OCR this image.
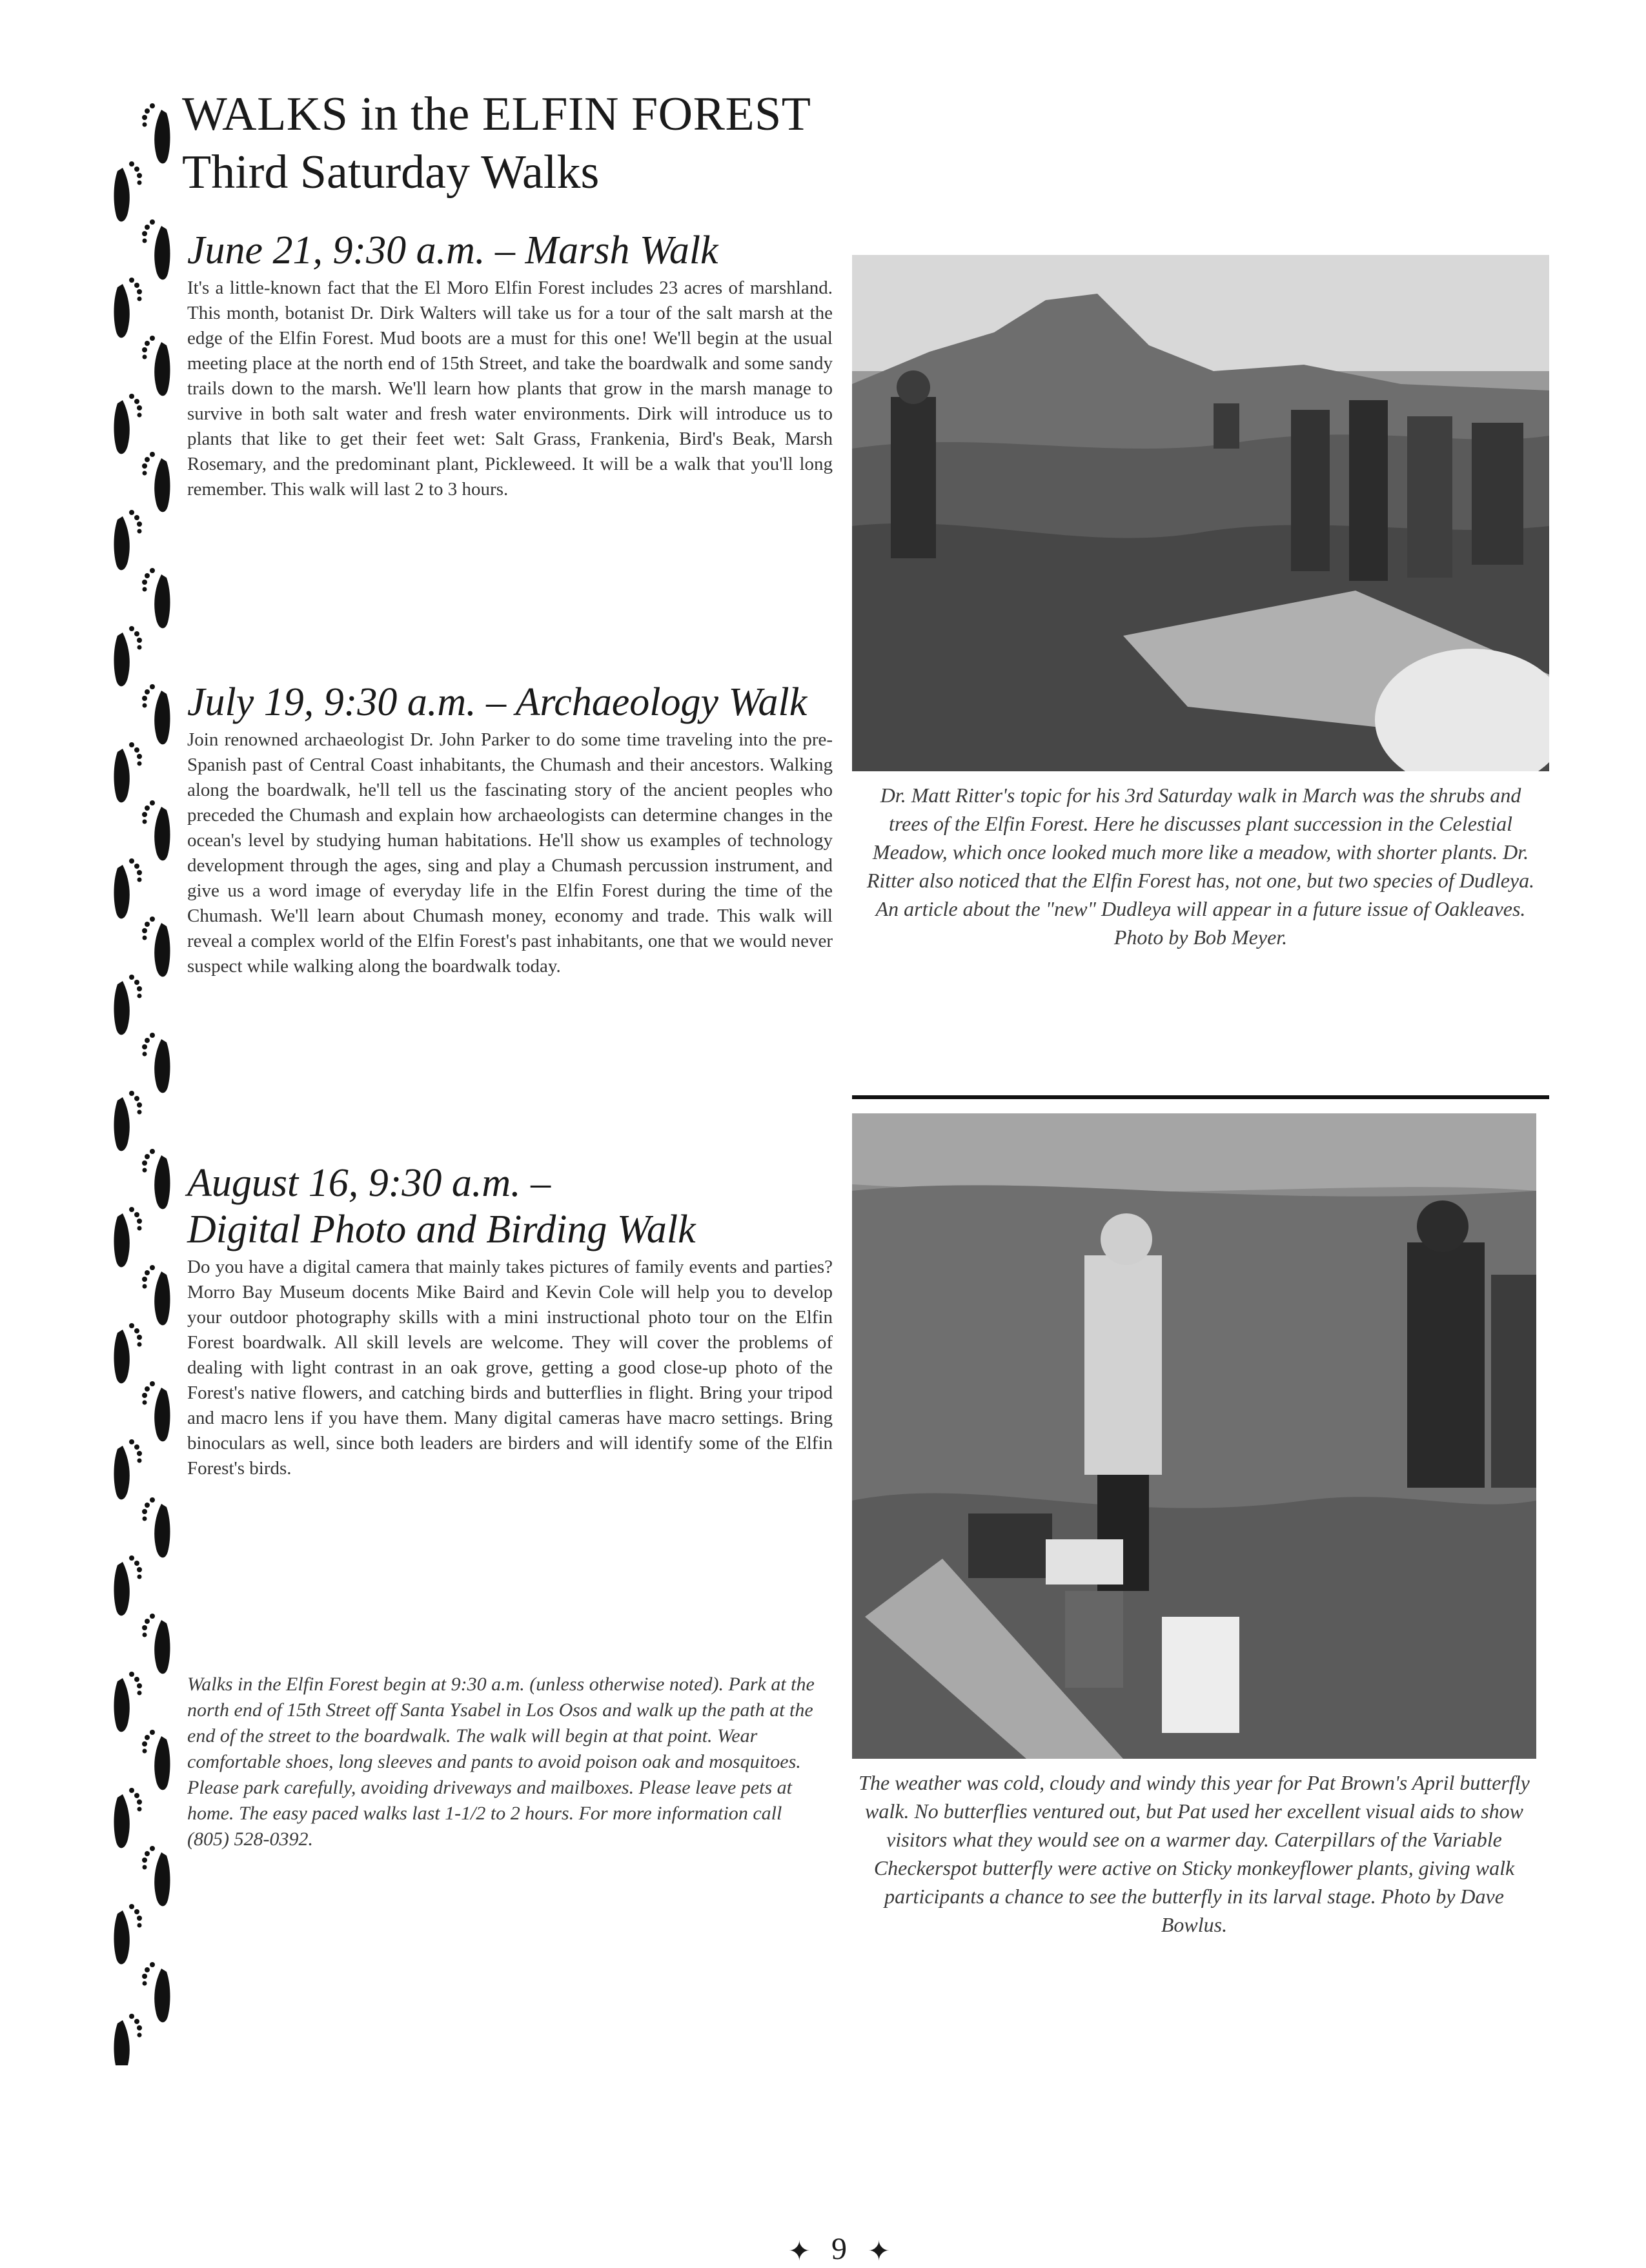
WALKS in the ELFIN FOREST
Third Saturday Walks
June 21, 9:30 a.m. – Marsh Walk

It's a little-known fact that the El Moro Elfin Forest includes 23 acres of marshland. This month, botanist Dr. Dirk Walters will take us for a tour of the salt marsh at the edge of the Elfin Forest. Mud boots are a must for this one! We'll begin at the usual meeting place at the north end of 15th Street, and take the boardwalk and some sandy trails down to the marsh. We'll learn how plants that grow in the marsh manage to survive in both salt water and fresh water environments. Dirk will introduce us to plants that like to get their feet wet: Salt Grass, Frankenia, Bird's Beak, Marsh Rosemary, and the predominant plant, Pickleweed. It will be a walk that you'll long remember. This walk will last 2 to 3 hours.

July 19, 9:30 a.m. – Archaeology Walk

Join renowned archaeologist Dr. John Parker to do some time traveling into the pre-Spanish past of Central Coast inhabitants, the Chumash and their ancestors. Walking along the boardwalk, he'll tell us the fascinating story of the ancient peoples who preceded the Chumash and explain how archaeologists can determine changes in the ocean's level by studying human habitations. He'll show us examples of technology development through the ages, sing and play a Chumash percussion instrument, and give us a word image of everyday life in the Elfin Forest during the time of the Chumash. We'll learn about Chumash money, economy and trade. This walk will reveal a complex world of the Elfin Forest's past inhabitants, one that we would never suspect while walking along the boardwalk today.

August 16, 9:30 a.m. –
Digital Photo and Birding Walk

Do you have a digital camera that mainly takes pictures of family events and parties? Morro Bay Museum docents Mike Baird and Kevin Cole will help you to develop your outdoor photography skills with a mini instructional photo tour on the Elfin Forest boardwalk. All skill levels are welcome. They will cover the problems of dealing with light contrast in an oak grove, getting a good close-up photo of the Forest's native flowers, and catching birds and butterflies in flight. Bring your tripod and macro lens if you have them. Many digital cameras have macro settings. Bring binoculars as well, since both leaders are birders and will identify some of the Elfin Forest's birds.

Walks in the Elfin Forest begin at 9:30 a.m. (unless otherwise noted). Park at the north end of 15th Street off Santa Ysabel in Los Osos and walk up the path at the end of the street to the boardwalk. The walk will begin at that point. Wear comfortable shoes, long sleeves and pants to avoid poison oak and mosquitoes. Please park carefully, avoiding driveways and mailboxes. Please leave pets at home. The easy paced walks last 1-1/2 to 2 hours. For more information call (805) 528-0392.
Dr. Matt Ritter's topic for his 3rd Saturday walk in March was the shrubs and trees of the Elfin Forest. Here he discusses plant succession in the Celestial Meadow, which once looked much more like a meadow, with shorter plants. Dr. Ritter also noticed that the Elfin Forest has, not one, but two species of Dudleya. An article about the "new" Dudleya will appear in a future issue of Oakleaves. Photo by Bob Meyer.
The weather was cold, cloudy and windy this year for Pat Brown's April butterfly walk. No butterflies ventured out, but Pat used her excellent visual aids to show visitors what they would see on a warmer day. Caterpillars of the Variable Checkerspot butterfly were active on Sticky monkeyflower plants, giving walk participants a chance to see the butterfly in its larval stage. Photo by Dave Bowlus.
✦ 9 ✦
